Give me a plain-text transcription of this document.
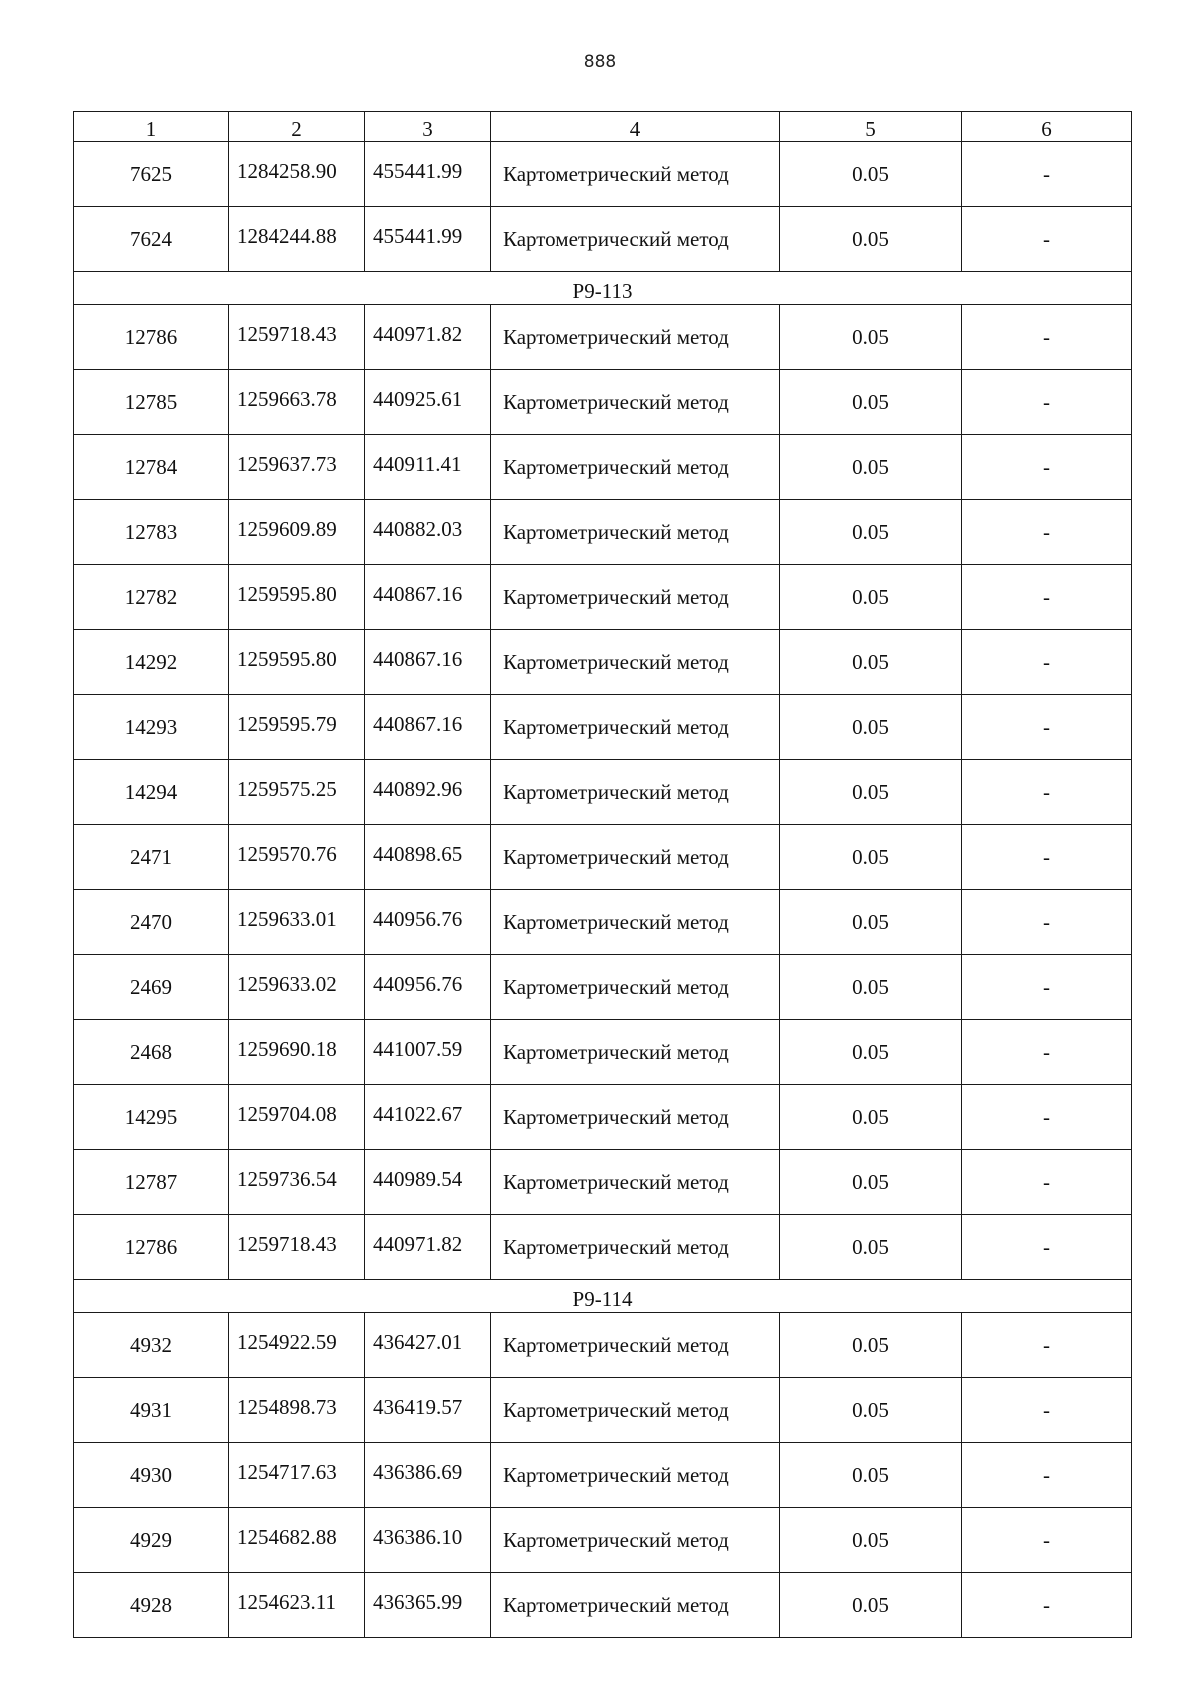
888
1	2	3	4	5	6
7625	1284258.90	455441.99	Картометрический метод	0.05	-
7624	1284244.88	455441.99	Картометрический метод	0.05	-
P9-113					
12786	1259718.43	440971.82	Картометрический метод	0.05	-
12785	1259663.78	440925.61	Картометрический метод	0.05	-
12784	1259637.73	440911.41	Картометрический метод	0.05	-
12783	1259609.89	440882.03	Картометрический метод	0.05	-
12782	1259595.80	440867.16	Картометрический метод	0.05	-
14292	1259595.80	440867.16	Картометрический метод	0.05	-
14293	1259595.79	440867.16	Картометрический метод	0.05	-
14294	1259575.25	440892.96	Картометрический метод	0.05	-
2471	1259570.76	440898.65	Картометрический метод	0.05	-
2470	1259633.01	440956.76	Картометрический метод	0.05	-
2469	1259633.02	440956.76	Картометрический метод	0.05	-
2468	1259690.18	441007.59	Картометрический метод	0.05	-
14295	1259704.08	441022.67	Картометрический метод	0.05	-
12787	1259736.54	440989.54	Картометрический метод	0.05	-
12786	1259718.43	440971.82	Картометрический метод	0.05	-
P9-114					
4932	1254922.59	436427.01	Картометрический метод	0.05	-
4931	1254898.73	436419.57	Картометрический метод	0.05	-
4930	1254717.63	436386.69	Картометрический метод	0.05	-
4929	1254682.88	436386.10	Картометрический метод	0.05	-
4928	1254623.11	436365.99	Картометрический метод	0.05	-
